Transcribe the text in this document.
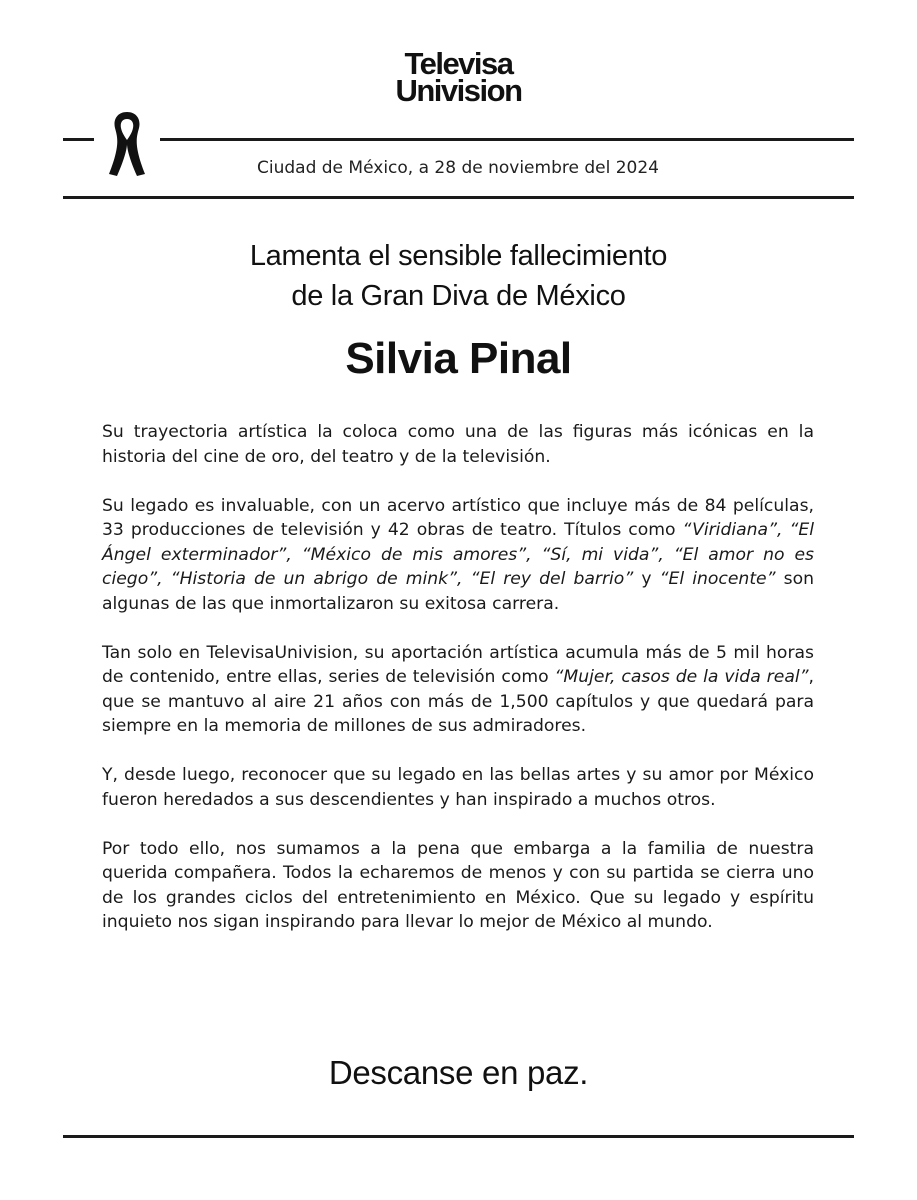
Televisa
Univision
Ciudad de México, a 28 de noviembre del 2024
Lamenta el sensible fallecimiento
de la Gran Diva de México
Silvia Pinal

Su trayectoria artística la coloca como una de las figuras más icónicas en la historia del cine de oro, del teatro y de la televisión.

Su legado es invaluable, con un acervo artístico que incluye más de 84 películas, 33 producciones de televisión y 42 obras de teatro. Títulos como “Viridiana”, “El Ángel exterminador”, “México de mis amores”, “Sí, mi vida”, “El amor no es ciego”, “Historia de un abrigo de mink”, “El rey del barrio” y “El inocente” son algunas de las que inmortalizaron su exitosa carrera.

Tan solo en TelevisaUnivision, su aportación artística acumula más de 5 mil horas de contenido, entre ellas, series de televisión como “Mujer, casos de la vida real”, que se mantuvo al aire 21 años con más de 1,500 capítulos y que quedará para siempre en la memoria de millones de sus admiradores.

Y, desde luego, reconocer que su legado en las bellas artes y su amor por México fueron heredados a sus descendientes y han inspirado a muchos otros.

Por todo ello, nos sumamos a la pena que embarga a la familia de nuestra querida compañera. Todos la echaremos de menos y con su partida se cierra uno de los grandes ciclos del entretenimiento en México. Que su legado y espíritu inquieto nos sigan inspirando para llevar lo mejor de México al mundo.

Descanse en paz.
